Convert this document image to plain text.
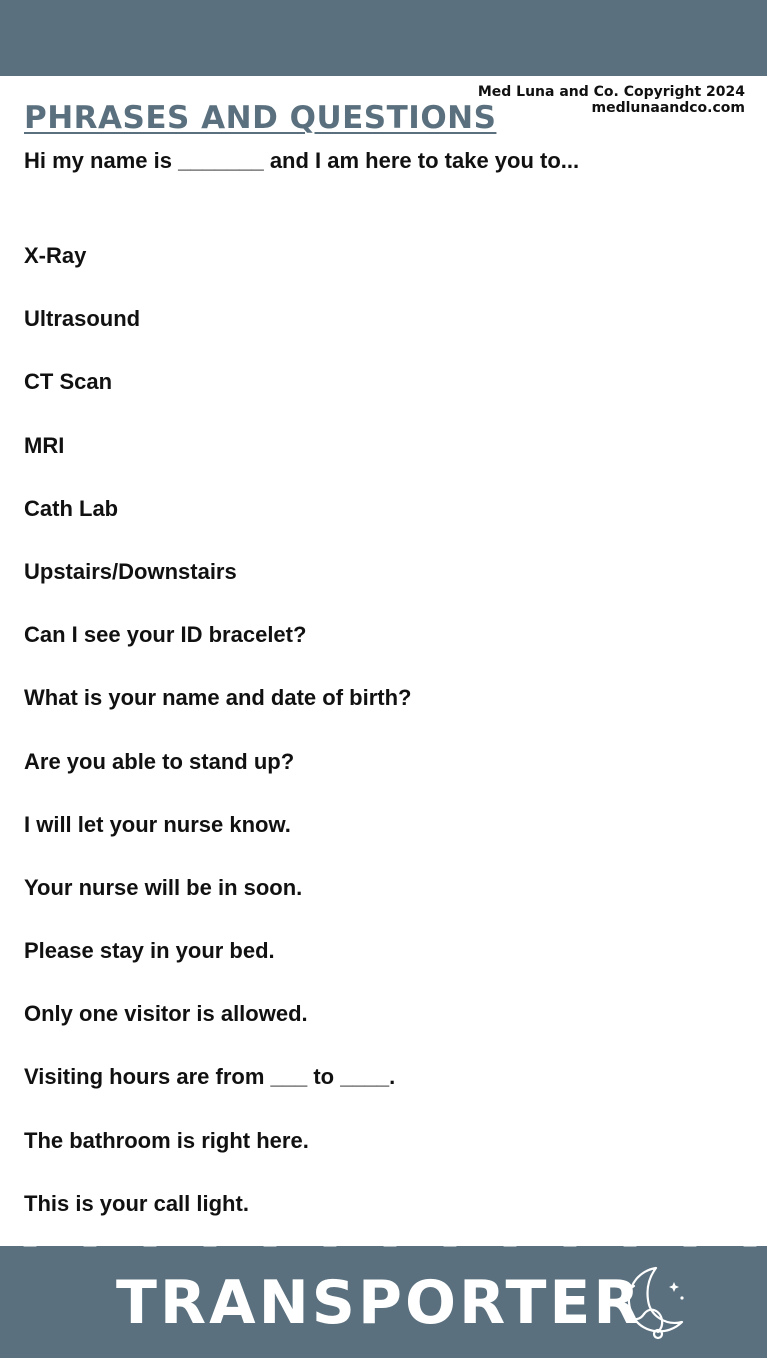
Med Luna and Co. Copyright 2024
medlunaandco.com
PHRASES AND QUESTIONS
Hi my name is _______ and I am here to take you to...
X-Ray
Ultrasound
CT Scan
MRI
Cath Lab
Upstairs/Downstairs
Can I see your ID bracelet?
What is your name and date of birth?
Are you able to stand up?
I will let your nurse know.
Your nurse will be in soon.
Please stay in your bed.
Only one visitor is allowed.
Visiting hours are from ___ to ____.
The bathroom is right here.
This is your call light.
TRANSPORTER
